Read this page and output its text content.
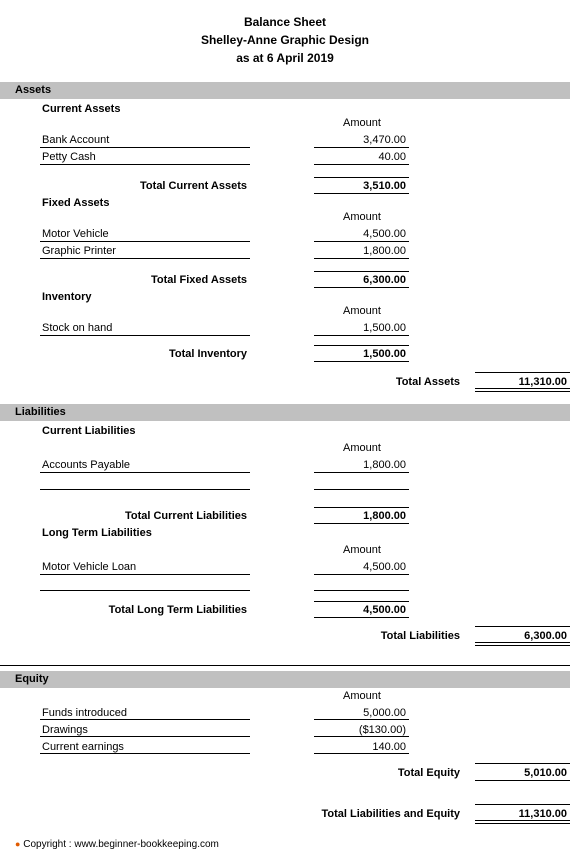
Balance Sheet
Shelley-Anne Graphic Design
as at 6 April 2019
Assets
Current Assets
Amount
Bank Account	3,470.00
Petty Cash	40.00
Total Current Assets	3,510.00
Fixed Assets
Amount
Motor Vehicle	4,500.00
Graphic Printer	1,800.00
Total Fixed Assets	6,300.00
Inventory
Amount
Stock on hand	1,500.00
Total Inventory	1,500.00
Total Assets	11,310.00
Liabilities
Current Liabilities
Amount
Accounts Payable	1,800.00
Total Current Liabilities	1,800.00
Long Term Liabilities
Amount
Motor Vehicle Loan	4,500.00
Total Long Term Liabilities	4,500.00
Total Liabilities	6,300.00
Equity
Amount
Funds introduced	5,000.00
Drawings	($130.00)
Current earnings	140.00
Total Equity	5,010.00
Total Liabilities and Equity	11,310.00
● Copyright : www.beginner-bookkeeping.com
